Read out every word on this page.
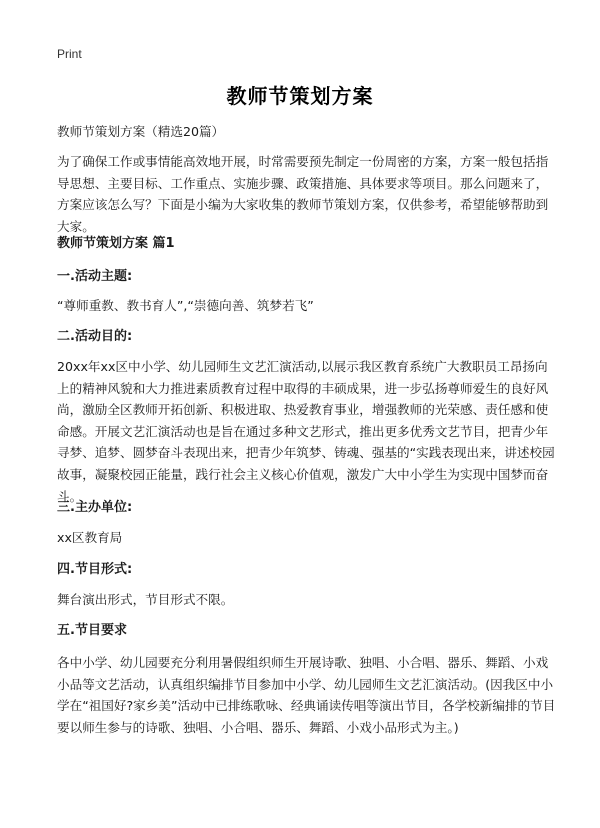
Print
教师节策划方案
教师节策划方案（精选20篇）
为了确保工作或事情能高效地开展，时常需要预先制定一份周密的方案，方案一般包括指导思想、主要目标、工作重点、实施步骤、政策措施、具体要求等项目。那么问题来了，方案应该怎么写？下面是小编为大家收集的教师节策划方案，仅供参考，希望能够帮助到大家。
教师节策划方案 篇1
一.活动主题:
“尊师重教、教书育人”,“崇德向善、筑梦若飞”
二.活动目的:
20xx年xx区中小学、幼儿园师生文艺汇演活动,以展示我区教育系统广大教职员工昂扬向上的精神风貌和大力推进素质教育过程中取得的丰硕成果，进一步弘扬尊师爱生的良好风尚，激励全区教师开拓创新、积极进取、热爱教育事业，增强教师的光荣感、责任感和使命感。开展文艺汇演活动也是旨在通过多种文艺形式，推出更多优秀文艺节目，把青少年寻梦、追梦、圆梦奋斗表现出来，把青少年筑梦、铸魂、强基的“实践表现出来，讲述校园故事，凝聚校园正能量，践行社会主义核心价值观，激发广大中小学生为实现中国梦而奋斗。
三.主办单位:
xx区教育局
四.节目形式:
舞台演出形式，节目形式不限。
五.节目要求
各中小学、幼儿园要充分利用暑假组织师生开展诗歌、独唱、小合唱、器乐、舞蹈、小戏小品等文艺活动，认真组织编排节目参加中小学、幼儿园师生文艺汇演活动。(因我区中小学在“祖国好?家乡美”活动中已排练歌咏、经典诵读传唱等演出节目，各学校新编排的节目要以师生参与的诗歌、独唱、小合唱、器乐、舞蹈、小戏小品形式为主。)
